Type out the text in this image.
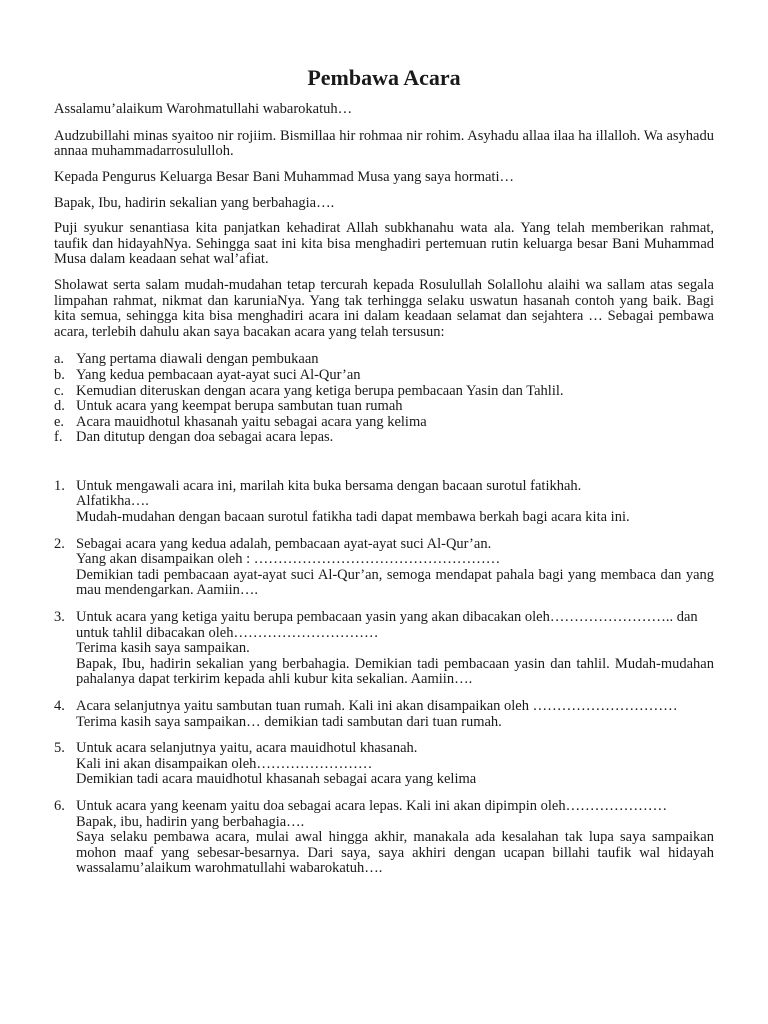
Pembawa Acara

Assalamu’alaikum Warohmatullahi wabarokatuh…

Audzubillahi minas syaitoo nir rojiim. Bismillaa hir rohmaa nir rohim. Asyhadu allaa ilaa ha illalloh. Wa asyhadu annaa muhammadarrosululloh.

Kepada Pengurus Keluarga Besar Bani Muhammad Musa yang saya hormati…

Bapak, Ibu, hadirin sekalian yang berbahagia….

Puji syukur senantiasa kita panjatkan kehadirat Allah subkhanahu wata ala. Yang telah memberikan rahmat, taufik dan hidayahNya. Sehingga saat ini kita bisa menghadiri pertemuan rutin keluarga besar Bani Muhammad Musa dalam keadaan sehat wal’afiat.

Sholawat serta salam mudah-mudahan tetap tercurah kepada Rosulullah Solallohu alaihi wa sallam atas segala limpahan rahmat, nikmat dan karuniaNya. Yang tak terhingga selaku uswatun hasanah contoh yang baik. Bagi kita semua, sehingga kita bisa menghadiri acara ini dalam keadaan selamat dan sejahtera … Sebagai pembawa acara, terlebih dahulu akan saya bacakan acara yang telah tersusun:

a. Yang pertama diawali dengan pembukaan
b. Yang kedua pembacaan ayat-ayat suci Al-Qur’an
c. Kemudian diteruskan dengan acara yang ketiga berupa pembacaan Yasin dan Tahlil.
d. Untuk acara yang keempat berupa sambutan tuan rumah
e. Acara mauidhotul khasanah yaitu sebagai acara yang kelima
f. Dan ditutup dengan doa sebagai acara lepas.
1. Untuk mengawali acara ini, marilah kita buka bersama dengan bacaan surotul fatikhah.

Alfatikha….

Mudah-mudahan dengan bacaan surotul fatikha tadi dapat membawa berkah bagi acara kita ini.

2. Sebagai acara yang kedua adalah, pembacaan ayat-ayat suci Al-Qur’an.

Yang akan disampaikan oleh : ……………………………………………

Demikian tadi pembacaan ayat-ayat suci Al-Qur’an, semoga mendapat pahala bagi yang membaca dan yang mau mendengarkan. Aamiin….

3. Untuk acara yang ketiga yaitu berupa pembacaan yasin yang akan dibacakan oleh…………………….. dan untuk tahlil dibacakan oleh…………………………

Terima kasih saya sampaikan.

Bapak, Ibu, hadirin sekalian yang berbahagia. Demikian tadi pembacaan yasin dan tahlil. Mudah-mudahan pahalanya dapat terkirim kepada ahli kubur kita sekalian. Aamiin….

4. Acara selanjutnya yaitu sambutan tuan rumah. Kali ini akan disampaikan oleh …………………………

Terima kasih saya sampaikan… demikian tadi sambutan dari tuan rumah.

5. Untuk acara selanjutnya yaitu, acara mauidhotul khasanah.

Kali ini akan disampaikan oleh……………………

Demikian tadi acara mauidhotul khasanah sebagai acara yang kelima

6. Untuk acara yang keenam yaitu doa sebagai acara lepas. Kali ini akan dipimpin oleh…………………

Bapak, ibu, hadirin yang berbahagia….

Saya selaku pembawa acara, mulai awal hingga akhir, manakala ada kesalahan tak lupa saya sampaikan mohon maaf yang sebesar-besarnya. Dari saya, saya akhiri dengan ucapan billahi taufik wal hidayah wassalamu’alaikum warohmatullahi wabarokatuh….
